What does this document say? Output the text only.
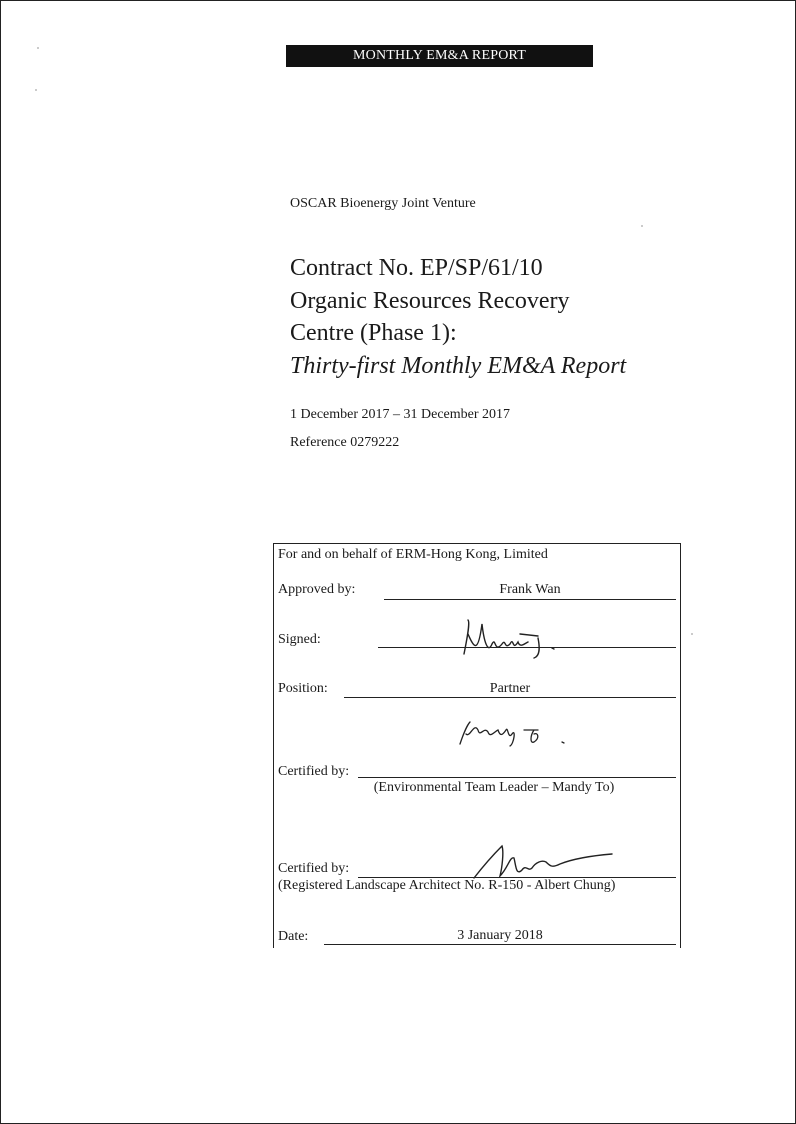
MONTHLY EM&A REPORT
OSCAR Bioenergy Joint Venture
Contract No. EP/SP/61/10
Organic Resources Recovery
Centre (Phase 1):
Thirty-first Monthly EM&A Report
1 December 2017 – 31 December 2017
Reference 0279222
For and on behalf of ERM-Hong Kong, Limited
Approved by:	Frank Wan
Signed:
Position:	Partner
Certified by:
(Environmental Team Leader – Mandy To)
Certified by:
(Registered Landscape Architect No. R-150 - Albert Chung)
Date:	3 January 2018
